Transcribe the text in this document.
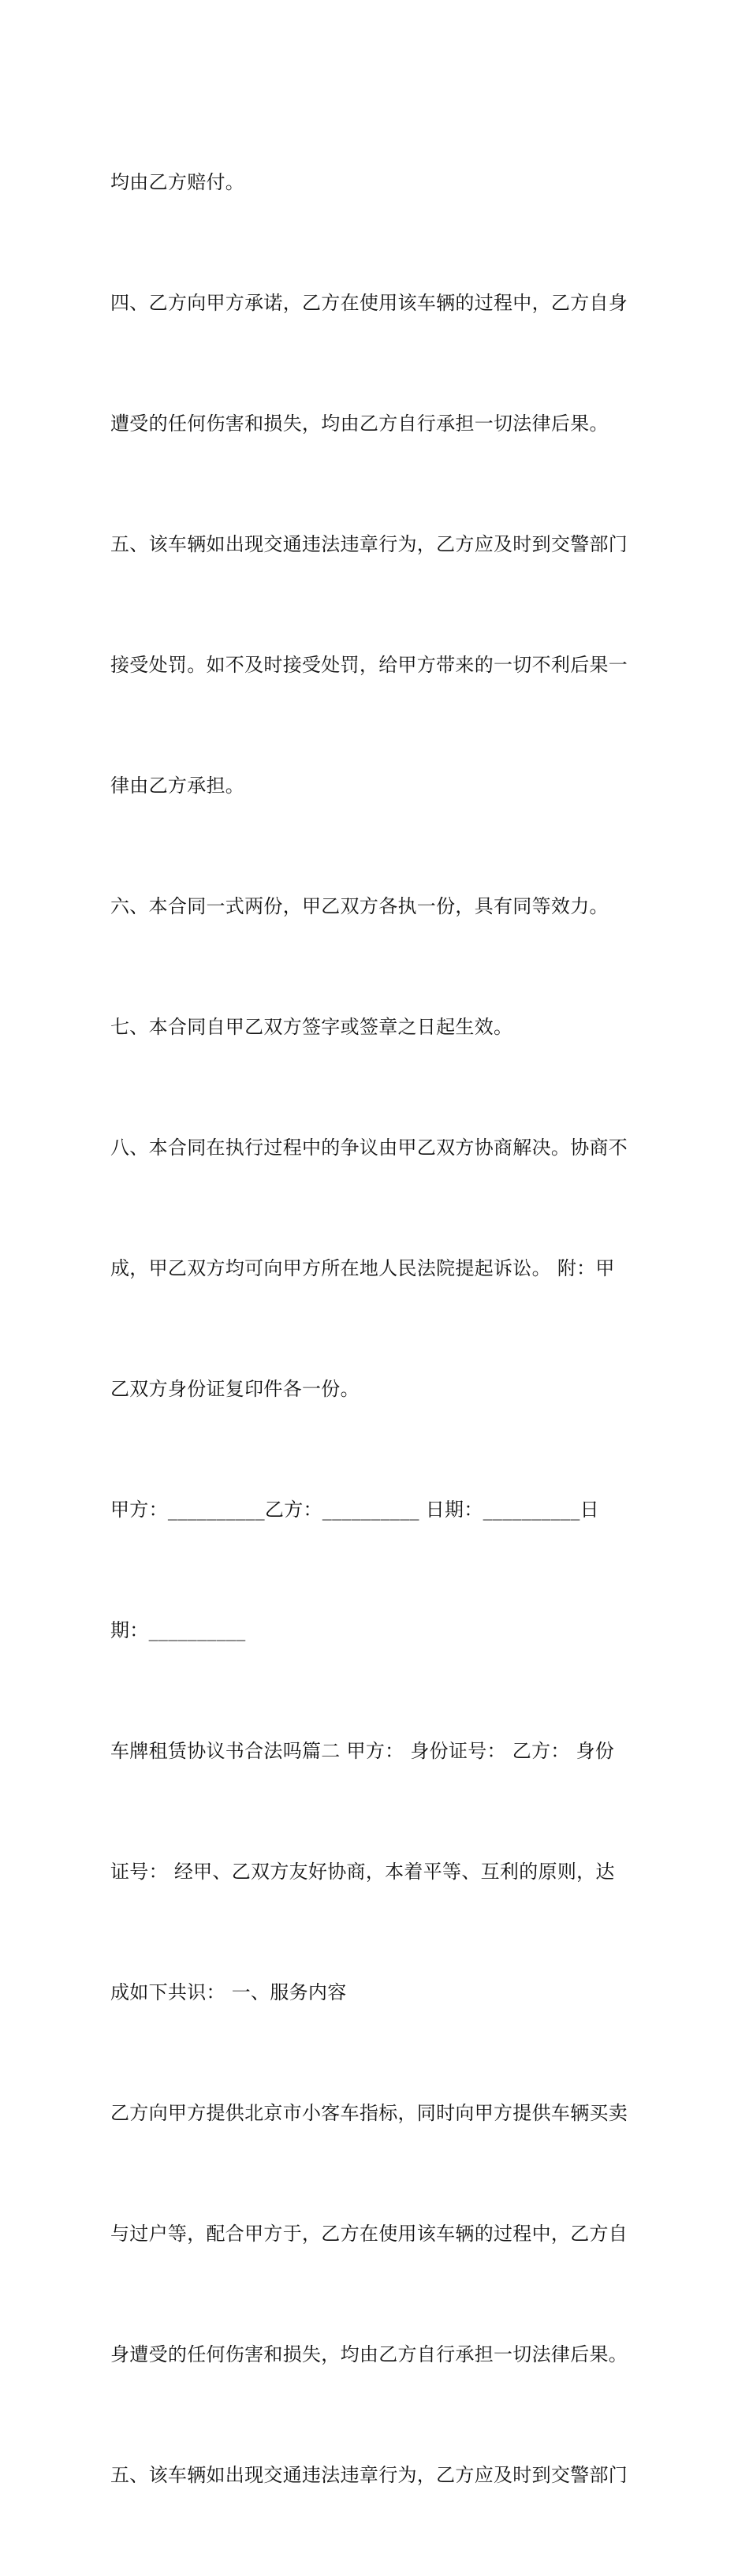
均由乙方赔付。

四、乙方向甲方承诺，乙方在使用该车辆的过程中，乙方自身

遭受的任何伤害和损失，均由乙方自行承担一切法律后果。

五、该车辆如出现交通违法违章行为，乙方应及时到交警部门

接受处罚。如不及时接受处罚，给甲方带来的一切不利后果一

律由乙方承担。

六、本合同一式两份，甲乙双方各执一份，具有同等效力。

七、本合同自甲乙双方签字或签章之日起生效。

八、本合同在执行过程中的争议由甲乙双方协商解决。协商不

成，甲乙双方均可向甲方所在地人民法院提起诉讼。 附：甲

乙双方身份证复印件各一份。

甲方：__________乙方：__________ 日期：__________日

期：__________

车牌租赁协议书合法吗篇二 甲方： 身份证号： 乙方： 身份

证号： 经甲、乙双方友好协商，本着平等、互利的原则，达

成如下共识： 一、服务内容

乙方向甲方提供北京市小客车指标，同时向甲方提供车辆买卖

与过户等，配合甲方于，乙方在使用该车辆的过程中，乙方自

身遭受的任何伤害和损失，均由乙方自行承担一切法律后果。

五、该车辆如出现交通违法违章行为，乙方应及时到交警部门
